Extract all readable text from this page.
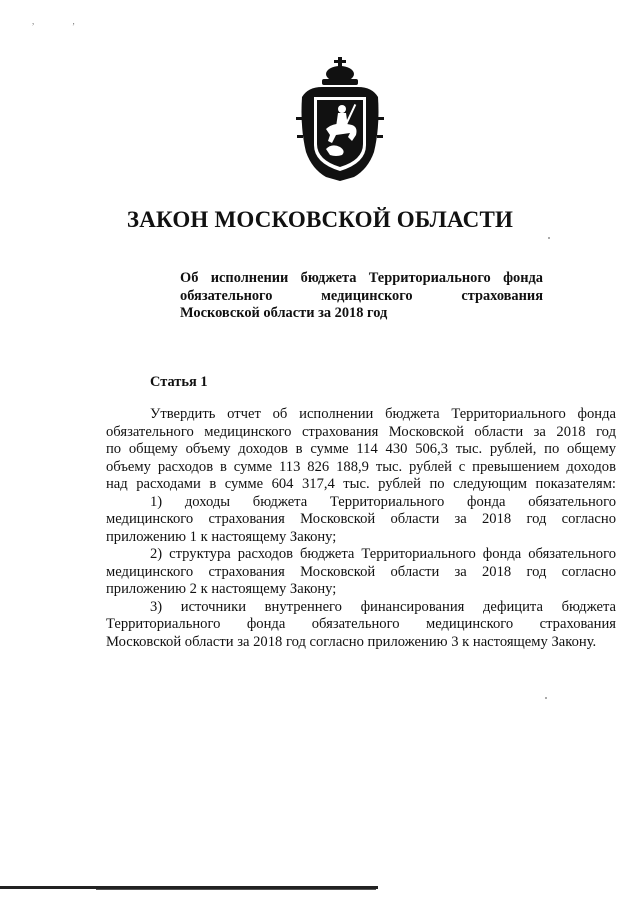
, ,
ЗАКОН МОСКОВСКОЙ ОБЛАСТИ
Об исполнении бюджета Территориального фонда
обязательного медицинского страхования
Московской области за 2018 год
Статья 1
Утвердить отчет об исполнении бюджета Территориального фонда
обязательного медицинского страхования Московской области за 2018 год
по общему объему доходов в сумме 114 430 506,3 тыс. рублей, по общему
объему расходов в сумме 113 826 188,9 тыс. рублей с превышением доходов
над расходами в сумме 604 317,4 тыс. рублей по следующим показателям:
1) доходы бюджета Территориального фонда обязательного
медицинского страхования Московской области за 2018 год согласно
приложению 1 к настоящему Закону;
2) структура расходов бюджета Территориального фонда обязательного
медицинского страхования Московской области за 2018 год согласно
приложению 2 к настоящему Закону;
3) источники внутреннего финансирования дефицита бюджета
Территориального фонда обязательного медицинского страхования
Московской области за 2018 год согласно приложению 3 к настоящему Закону.
